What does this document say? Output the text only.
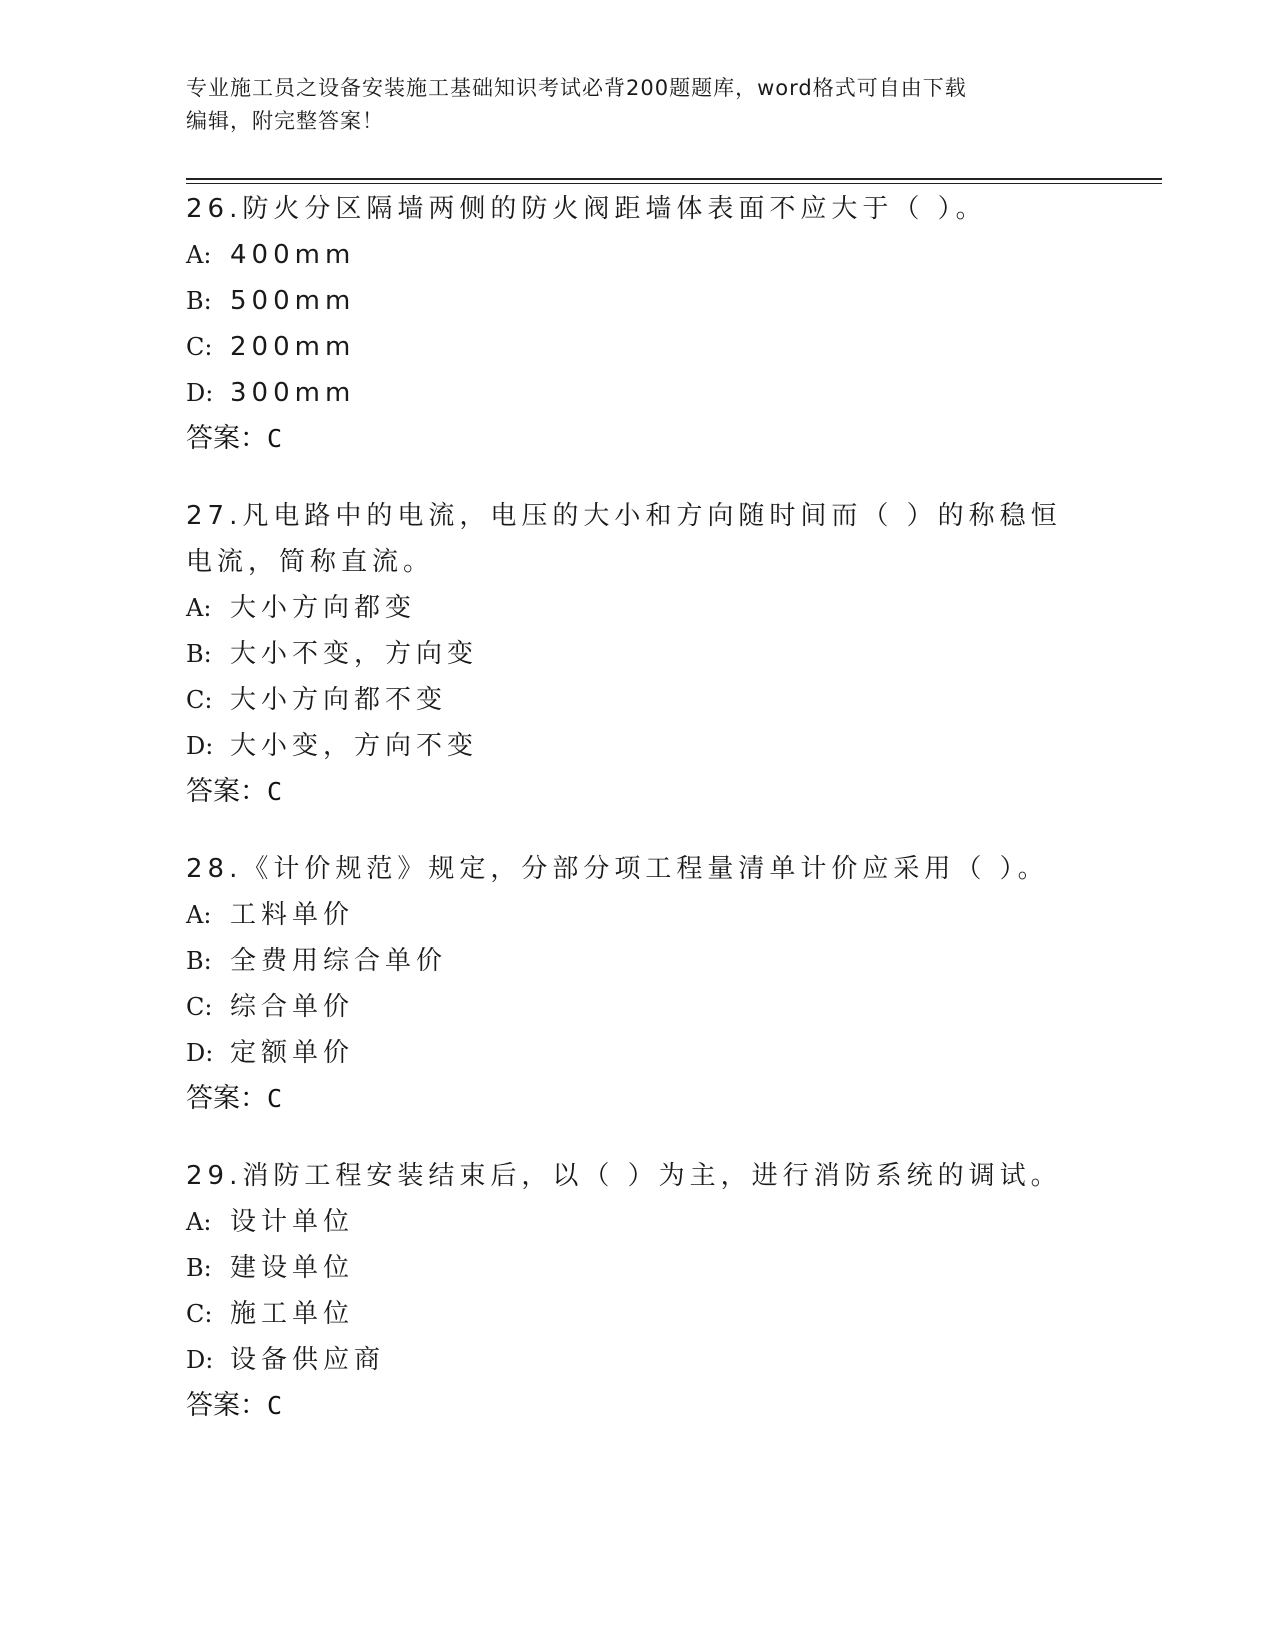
专业施工员之设备安装施工基础知识考试必背200题题库，word格式可自由下载
编辑，附完整答案！

26.防火分区隔墙两侧的防火阀距墙体表面不应大于（ ）。

A: 400mm
B: 500mm
C: 200mm
D: 300mm
答案：C

27.凡电路中的电流，电压的大小和方向随时间而（ ）的称稳恒电流，简称直流。

A: 大小方向都变
B: 大小不变，方向变
C: 大小方向都不变
D: 大小变，方向不变
答案：C

28.《计价规范》规定，分部分项工程量清单计价应采用（ ）。

A: 工料单价
B: 全费用综合单价
C: 综合单价
D: 定额单价
答案：C

29.消防工程安装结束后，以（ ）为主，进行消防系统的调试。

A: 设计单位
B: 建设单位
C: 施工单位
D: 设备供应商
答案：C
